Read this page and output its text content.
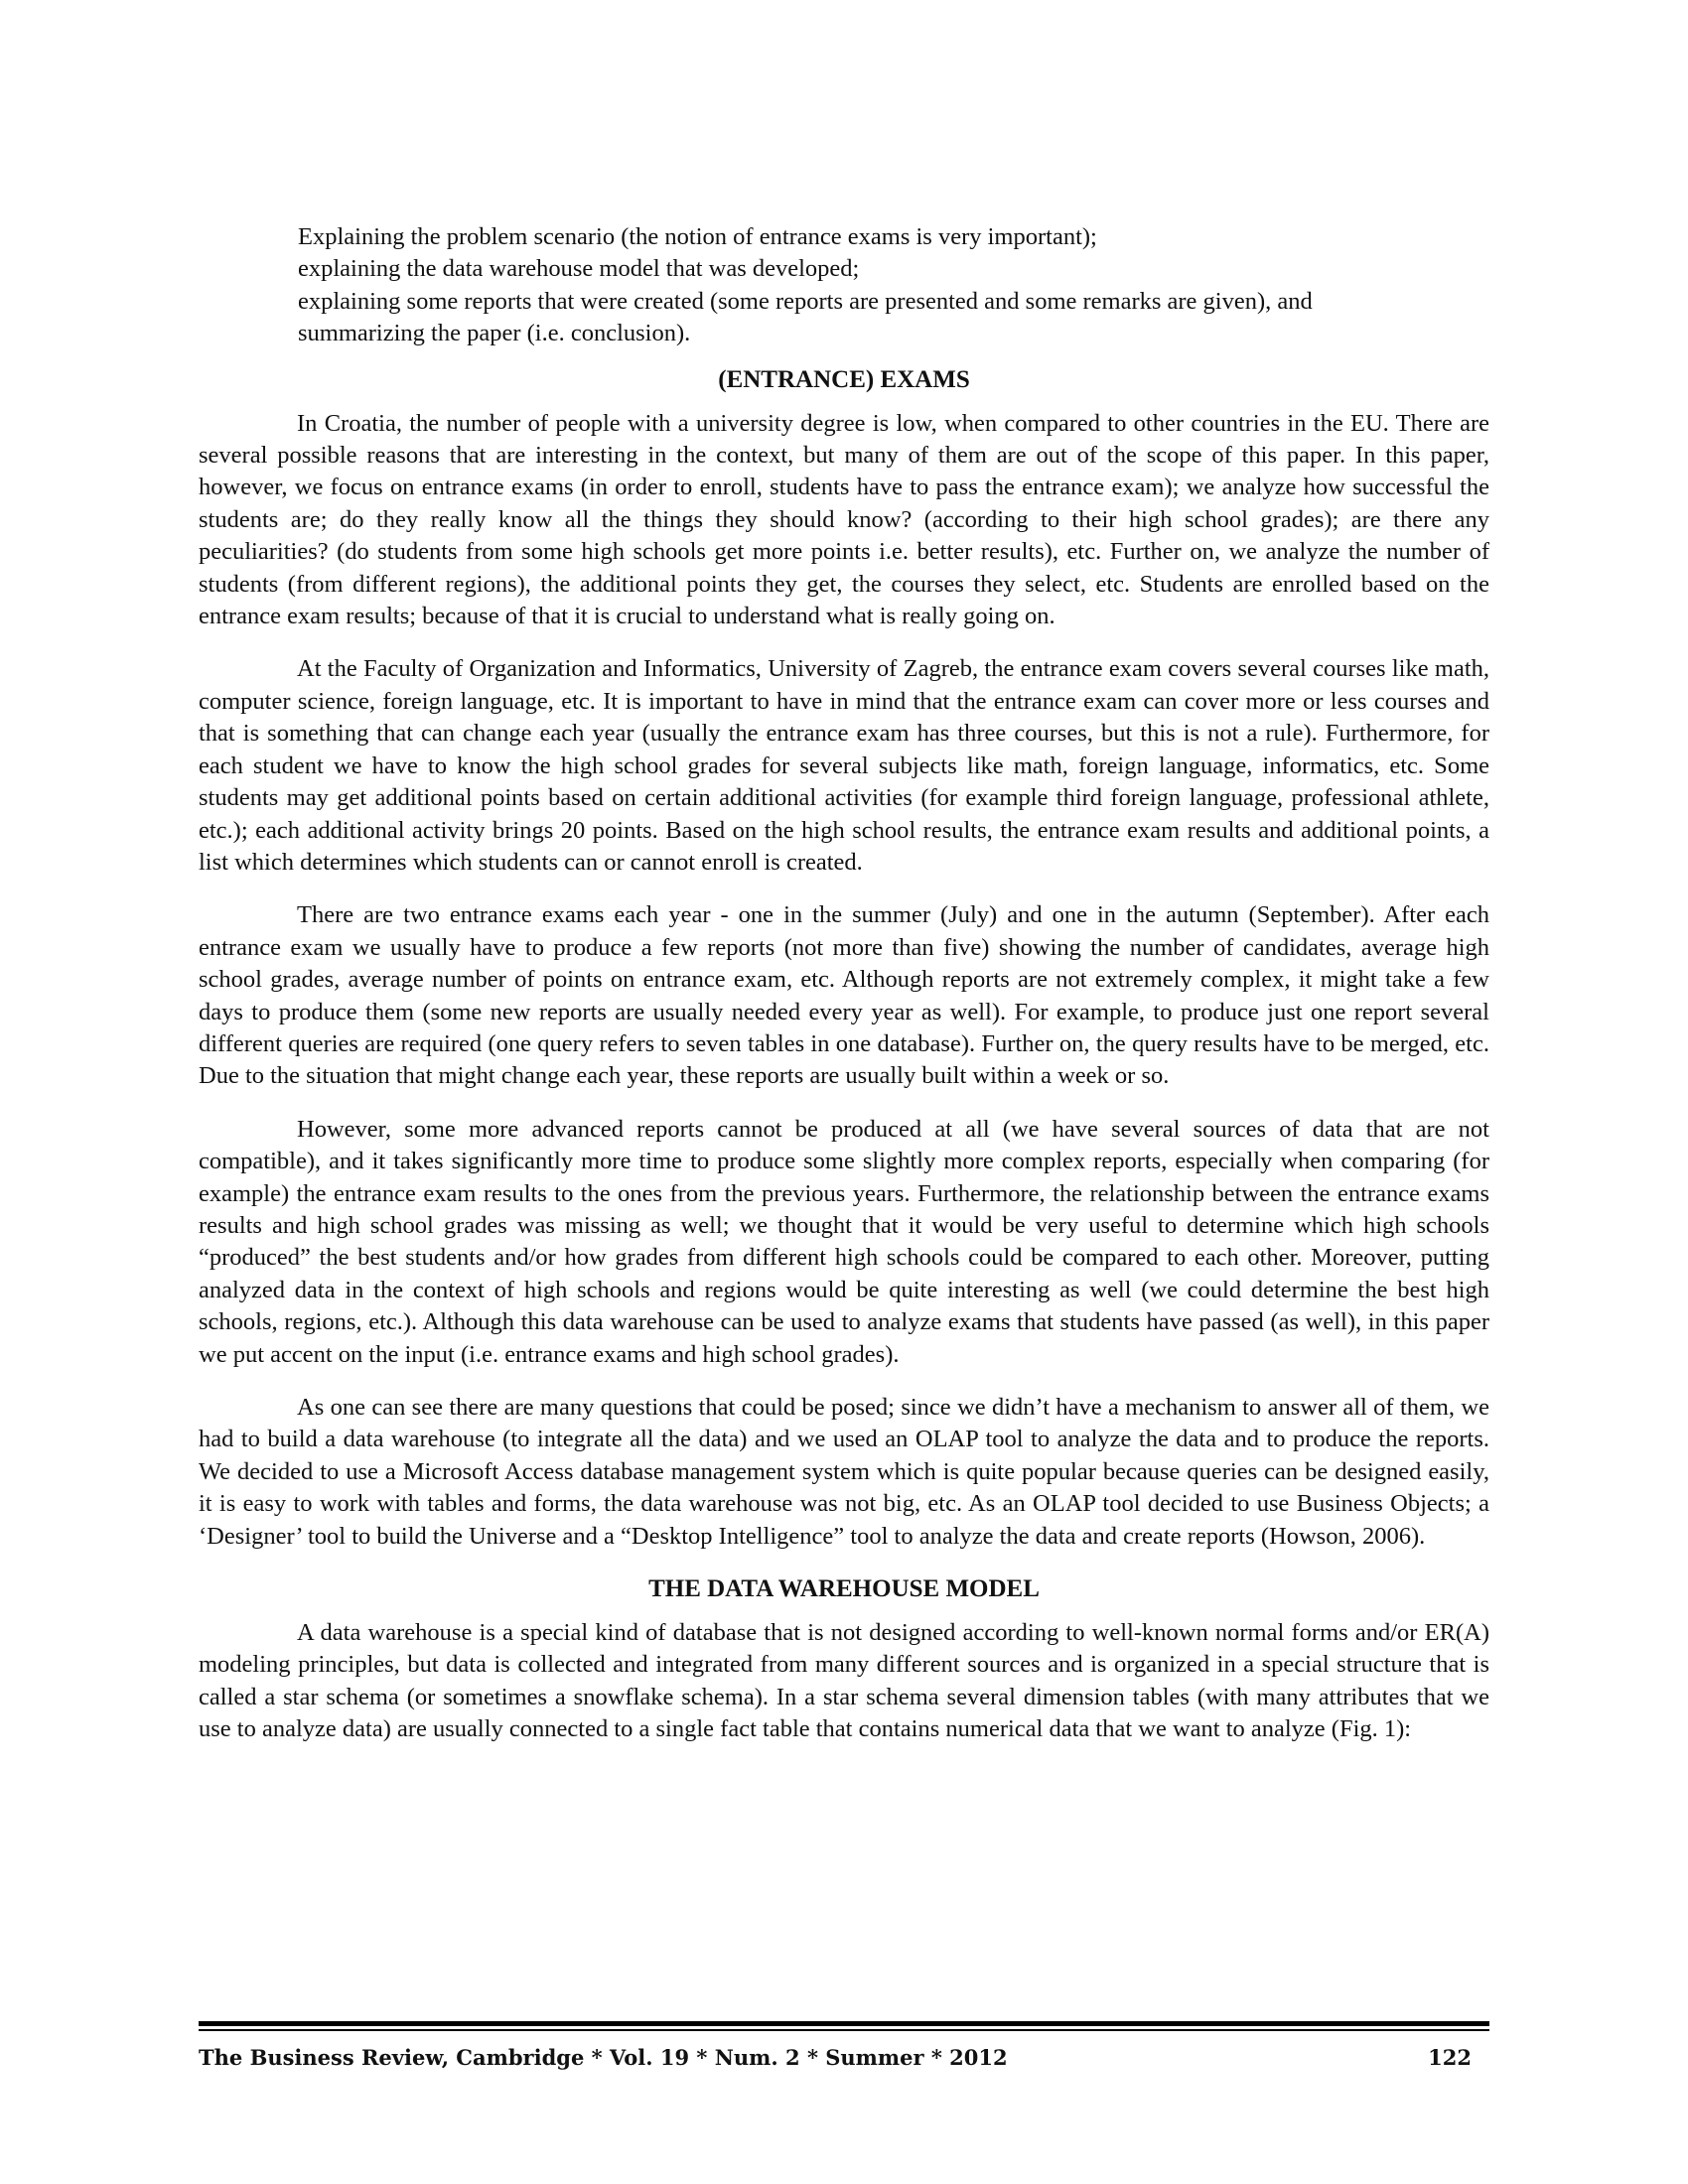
Explaining the problem scenario (the notion of entrance exams is very important);
explaining the data warehouse model that was developed;
explaining some reports that were created (some reports are presented and some remarks are given), and
summarizing the paper (i.e. conclusion).
(ENTRANCE) EXAMS

In Croatia, the number of people with a university degree is low, when compared to other countries in the EU. There are several possible reasons that are interesting in the context, but many of them are out of the scope of this paper. In this paper, however, we focus on entrance exams (in order to enroll, students have to pass the entrance exam); we analyze how successful the students are; do they really know all the things they should know? (according to their high school grades); are there any peculiarities? (do students from some high schools get more points i.e. better results), etc. Further on, we analyze the number of students (from different regions), the additional points they get, the courses they select, etc. Students are enrolled based on the entrance exam results; because of that it is crucial to understand what is really going on.

At the Faculty of Organization and Informatics, University of Zagreb, the entrance exam covers several courses like math, computer science, foreign language, etc. It is important to have in mind that the entrance exam can cover more or less courses and that is something that can change each year (usually the entrance exam has three courses, but this is not a rule). Furthermore, for each student we have to know the high school grades for several subjects like math, foreign language, informatics, etc. Some students may get additional points based on certain additional activities (for example third foreign language, professional athlete, etc.); each additional activity brings 20 points. Based on the high school results, the entrance exam results and additional points, a list which determines which students can or cannot enroll is created.

There are two entrance exams each year - one in the summer (July) and one in the autumn (September). After each entrance exam we usually have to produce a few reports (not more than five) showing the number of candidates, average high school grades, average number of points on entrance exam, etc. Although reports are not extremely complex, it might take a few days to produce them (some new reports are usually needed every year as well). For example, to produce just one report several different queries are required (one query refers to seven tables in one database). Further on, the query results have to be merged, etc. Due to the situation that might change each year, these reports are usually built within a week or so.

However, some more advanced reports cannot be produced at all (we have several sources of data that are not compatible), and it takes significantly more time to produce some slightly more complex reports, especially when comparing (for example) the entrance exam results to the ones from the previous years. Furthermore, the relationship between the entrance exams results and high school grades was missing as well; we thought that it would be very useful to determine which high schools “produced” the best students and/or how grades from different high schools could be compared to each other. Moreover, putting analyzed data in the context of high schools and regions would be quite interesting as well (we could determine the best high schools, regions, etc.). Although this data warehouse can be used to analyze exams that students have passed (as well), in this paper we put accent on the input (i.e. entrance exams and high school grades).

As one can see there are many questions that could be posed; since we didn’t have a mechanism to answer all of them, we had to build a data warehouse (to integrate all the data) and we used an OLAP tool to analyze the data and to produce the reports. We decided to use a Microsoft Access database management system which is quite popular because queries can be designed easily, it is easy to work with tables and forms, the data warehouse was not big, etc. As an OLAP tool decided to use Business Objects; a ‘Designer’ tool to build the Universe and a “Desktop Intelligence” tool to analyze the data and create reports (Howson, 2006).

THE DATA WAREHOUSE MODEL

A data warehouse is a special kind of database that is not designed according to well-known normal forms and/or ER(A) modeling principles, but data is collected and integrated from many different sources and is organized in a special structure that is called a star schema (or sometimes a snowflake schema). In a star schema several dimension tables (with many attributes that we use to analyze data) are usually connected to a single fact table that contains numerical data that we want to analyze (Fig. 1):

The Business Review, Cambridge * Vol. 19 * Num. 2 * Summer * 2012	122
